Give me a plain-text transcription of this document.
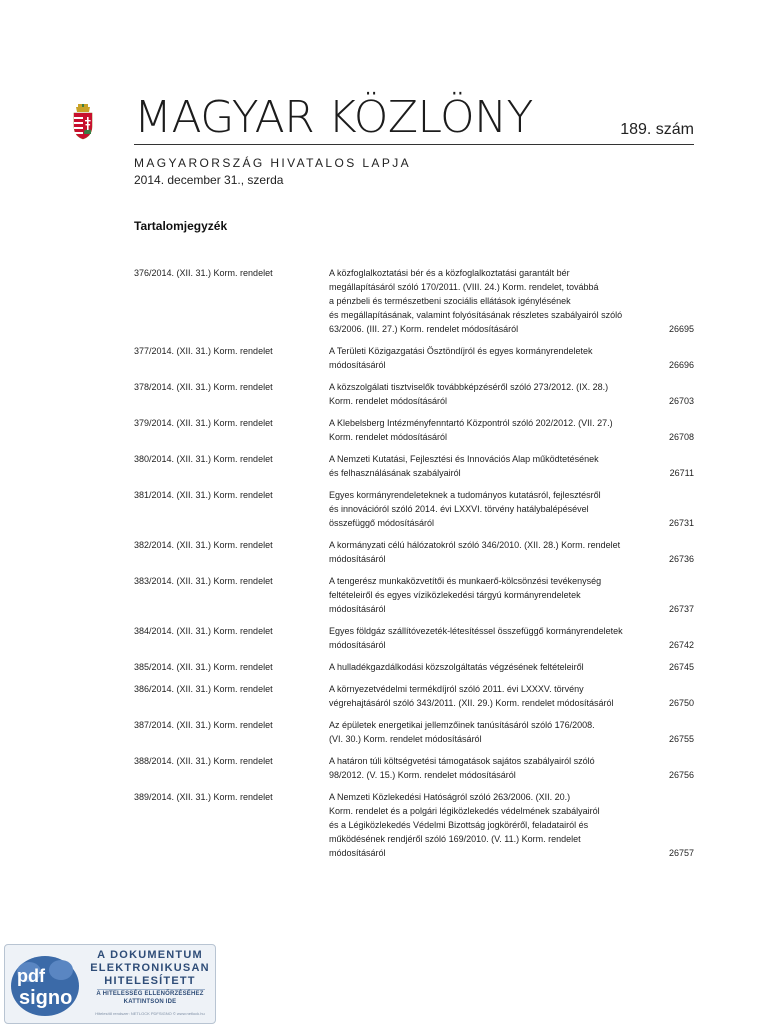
MAGYAR KÖZLÖNY	189. szám
MAGYARORSZÁG HIVATALOS LAPJA
2014. december 31., szerda
Tartalomjegyzék
376/2014. (XII. 31.) Korm. rendelet	A közfoglalkoztatási bér és a közfoglalkoztatási garantált bér
megállapításáról szóló 170/2011. (VIII. 24.) Korm. rendelet, továbbá
a pénzbeli és természetbeni szociális ellátások igénylésének
és megállapításának, valamint folyósításának részletes szabályairól szóló
63/2006. (III. 27.) Korm. rendelet módosításáról	26695
377/2014. (XII. 31.) Korm. rendelet	A Területi Közigazgatási Ösztöndíjról és egyes kormányrendeletek
módosításáról	26696
378/2014. (XII. 31.) Korm. rendelet	A közszolgálati tisztviselők továbbképzéséről szóló 273/2012. (IX. 28.)
Korm. rendelet módosításáról	26703
379/2014. (XII. 31.) Korm. rendelet	A Klebelsberg Intézményfenntartó Központról szóló 202/2012. (VII. 27.)
Korm. rendelet módosításáról	26708
380/2014. (XII. 31.) Korm. rendelet	A Nemzeti Kutatási, Fejlesztési és Innovációs Alap működtetésének
és felhasználásának szabályairól	26711
381/2014. (XII. 31.) Korm. rendelet	Egyes kormányrendeleteknek a tudományos kutatásról, fejlesztésről
és innovációról szóló 2014. évi LXXVI. törvény hatálybalépésével
összefüggő módosításáról	26731
382/2014. (XII. 31.) Korm. rendelet	A kormányzati célú hálózatokról szóló 346/2010. (XII. 28.) Korm. rendelet
módosításáról	26736
383/2014. (XII. 31.) Korm. rendelet	A tengerész munkaközvetítői és munkaerő-kölcsönzési tevékenység
feltételeiről és egyes víziközlekedési tárgyú kormányrendeletek
módosításáról	26737
384/2014. (XII. 31.) Korm. rendelet	Egyes földgáz szállítóvezeték-létesítéssel összefüggő kormányrendeletek
módosításáról	26742
385/2014. (XII. 31.) Korm. rendelet	A hulladékgazdálkodási közszolgáltatás végzésének feltételeiről	26745
386/2014. (XII. 31.) Korm. rendelet	A környezetvédelmi termékdíjról szóló 2011. évi LXXXV. törvény
végrehajtásáról szóló 343/2011. (XII. 29.) Korm. rendelet módosításáról	26750
387/2014. (XII. 31.) Korm. rendelet	Az épületek energetikai jellemzőinek tanúsításáról szóló 176/2008.
(VI. 30.) Korm. rendelet módosításáról	26755
388/2014. (XII. 31.) Korm. rendelet	A határon túli költségvetési támogatások sajátos szabályairól szóló
98/2012. (V. 15.) Korm. rendelet módosításáról	26756
389/2014. (XII. 31.) Korm. rendelet	A Nemzeti Közlekedési Hatóságról szóló 263/2006. (XII. 20.)
Korm. rendelet és a polgári légiközlekedés védelmének szabályairól
és a Légiközlekedés Védelmi Bizottság jogköréről, feladatairól és
működésének rendjéről szóló 169/2010. (V. 11.) Korm. rendelet
módosításáról	26757
pdf
signo
A DOKUMENTUM
ELEKTRONIKUSAN
HITELESÍTETT
A HITELESSÉG ELLENŐRZÉSÉHEZ
KATTINTSON IDE
Hitelesítő rendszer: NETLOCK PDFSIGNO © www.netlock.hu
